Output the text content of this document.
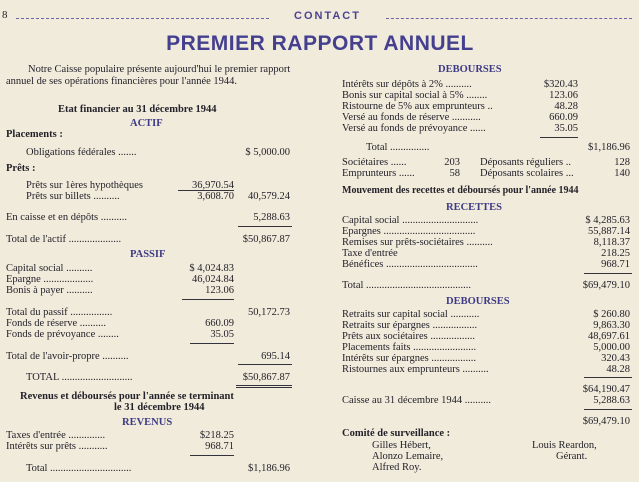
8	CONTACT
PREMIER RAPPORT ANNUEL
Notre Caisse populaire présente aujourd'hui le premier rapport annuel de ses opérations financières pour l'année 1944.
Etat financier au 31 décembre 1944
ACTIF
Placements :
Obligations fédérales .......	$ 5,000.00
Prêts :
Prêts sur 1ères hypothèques	36,970.54
Prêts sur billets ..........	3,608.70	40,579.24
En caisse et en dépôts ..........	5,288.63
Total de l'actif ....................	$50,867.87
PASSIF
Capital social ..........	$ 4,024.83
Epargne ...................	46,024.84
Bonis à payer ..........	123.06
Total du passif ................	50,172.73
Fonds de réserve ..........	660.09
Fonds de prévoyance ........	35.05
Total de l'avoir-propre ..........	695.14
TOTAL ...........................	$50,867.87
Revenus et déboursés pour l'année se terminant
le 31 décembre 1944
REVENUS
Taxes d'entrée ..............	$218.25
Intérêts sur prêts ...........	968.71
Total ...............................	$1,186.96
DEBOURSES
Intérêts sur dépôts à 2% ..........	$320.43
Bonis sur capital social à 5% ........	123.06
Ristourne de 5% aux emprunteurs ..	48.28
Versé au fonds de réserve ...........	660.09
Versé au fonds de prévoyance ......	35.05
Total ...............	$1,186.96
Sociétaires ......	203 Déposants réguliers ..	128
Emprunteurs ......	58 Déposants scolaires ...	140
Mouvement des recettes et déboursés pour l'année 1944
RECETTES
Capital social .............................	$ 4,285.63
Epargnes ...................................	55,887.14
Remises sur prêts-sociétaires ..........	8,118.37
Taxe d'entrée	218.25
Bénéfices ...................................	968.71
Total ........................................	$69,479.10
DEBOURSES
Retraits sur capital social ...........	$ 260.80
Retraits sur épargnes .................	9,863.30
Prêts aux sociétaires .................	48,697.61
Placements faits ........................	5,000.00
Intérêts sur épargnes .................	320.43
Ristournes aux emprunteurs ..........	48.28
$64,190.47
Caisse au 31 décembre 1944 ..........	5,288.63
$69,479.10
Comité de surveillance :
Gilles Hébert,
Alonzo Lemaire,
Alfred Roy.
Louis Reardon,
Gérant.
